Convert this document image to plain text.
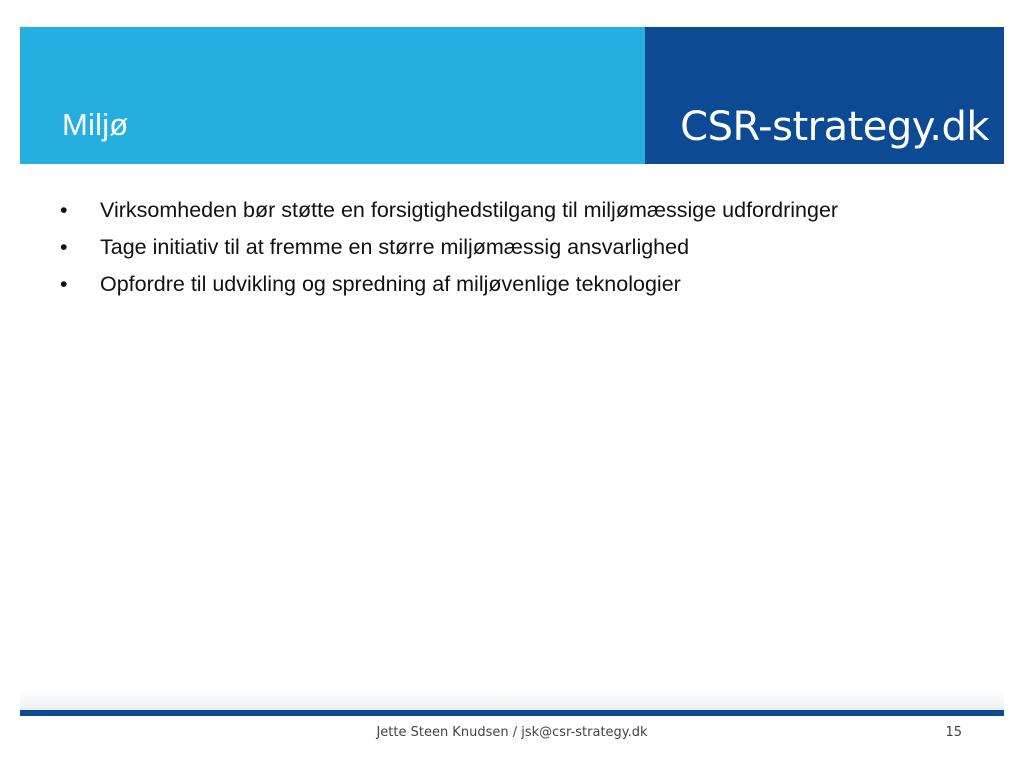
Miljø	CSR-strategy.dk
• Virksomheden bør støtte en forsigtighedstilgang til miljømæssige udfordringer
• Tage initiativ til at fremme en større miljømæssig ansvarlighed
• Opfordre til udvikling og spredning af miljøvenlige teknologier
Jette Steen Knudsen / jsk@csr-strategy.dk	15
